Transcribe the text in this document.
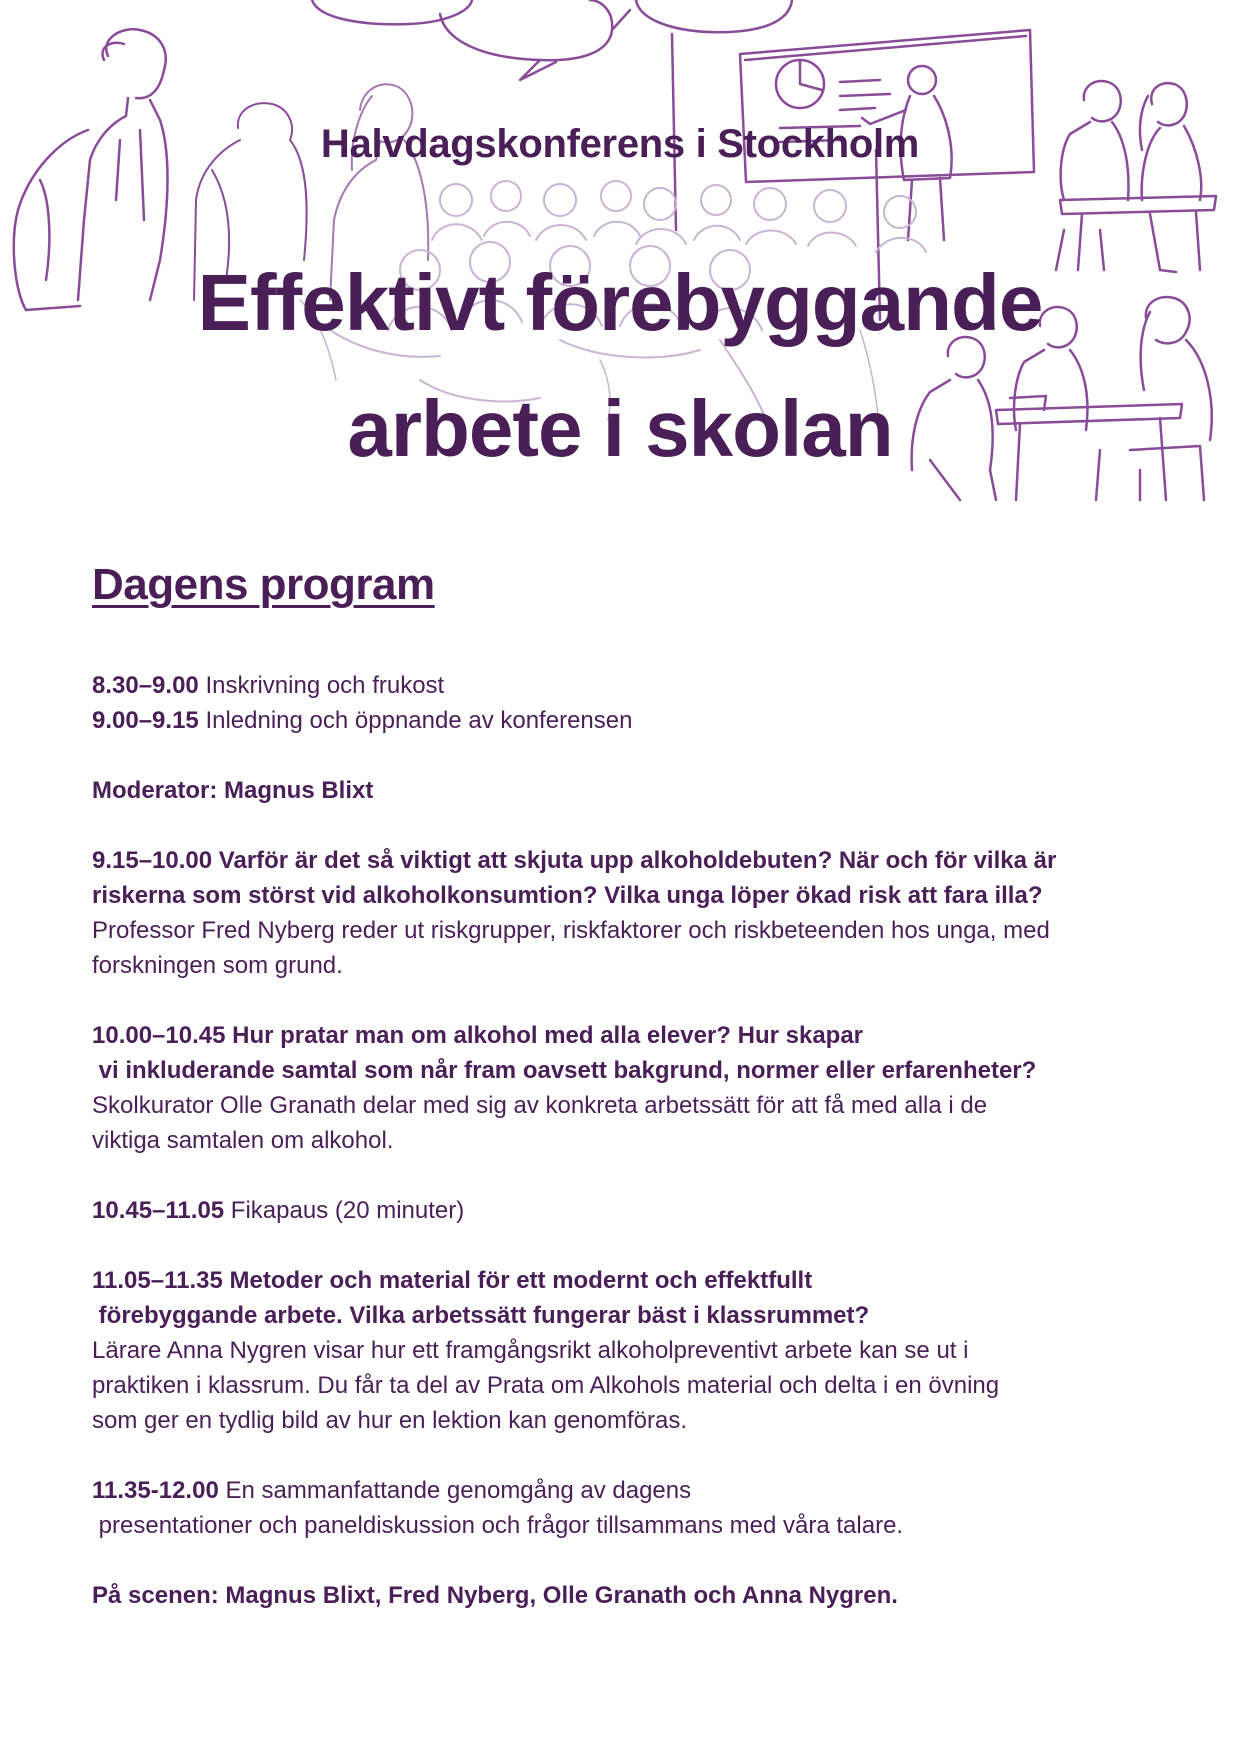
Halvdagskonferens i Stockholm
Effektivt förebyggande
arbete i skolan
Dagens program

8.30–9.00 Inskrivning och frukost

9.00–9.15 Inledning och öppnande av konferensen

Moderator: Magnus Blixt

9.15–10.00 Varför är det så viktigt att skjuta upp alkoholdebuten? När och för vilka är

riskerna som störst vid alkoholkonsumtion? Vilka unga löper ökad risk att fara illa?

Professor Fred Nyberg reder ut riskgrupper, riskfaktorer och riskbeteenden hos unga, med

forskningen som grund.

10.00–10.45 Hur pratar man om alkohol med alla elever? Hur skapar

vi inkluderande samtal som når fram oavsett bakgrund, normer eller erfarenheter?

Skolkurator Olle Granath delar med sig av konkreta arbetssätt för att få med alla i de

viktiga samtalen om alkohol.

10.45–11.05 Fikapaus (20 minuter)

11.05–11.35 Metoder och material för ett modernt och effektfullt

förebyggande arbete. Vilka arbetssätt fungerar bäst i klassrummet?

Lärare Anna Nygren visar hur ett framgångsrikt alkoholpreventivt arbete kan se ut i

praktiken i klassrum. Du får ta del av Prata om Alkohols material och delta i en övning

som ger en tydlig bild av hur en lektion kan genomföras.

11.35-12.00 En sammanfattande genomgång av dagens

presentationer och paneldiskussion och frågor tillsammans med våra talare.

På scenen: Magnus Blixt, Fred Nyberg, Olle Granath och Anna Nygren.
